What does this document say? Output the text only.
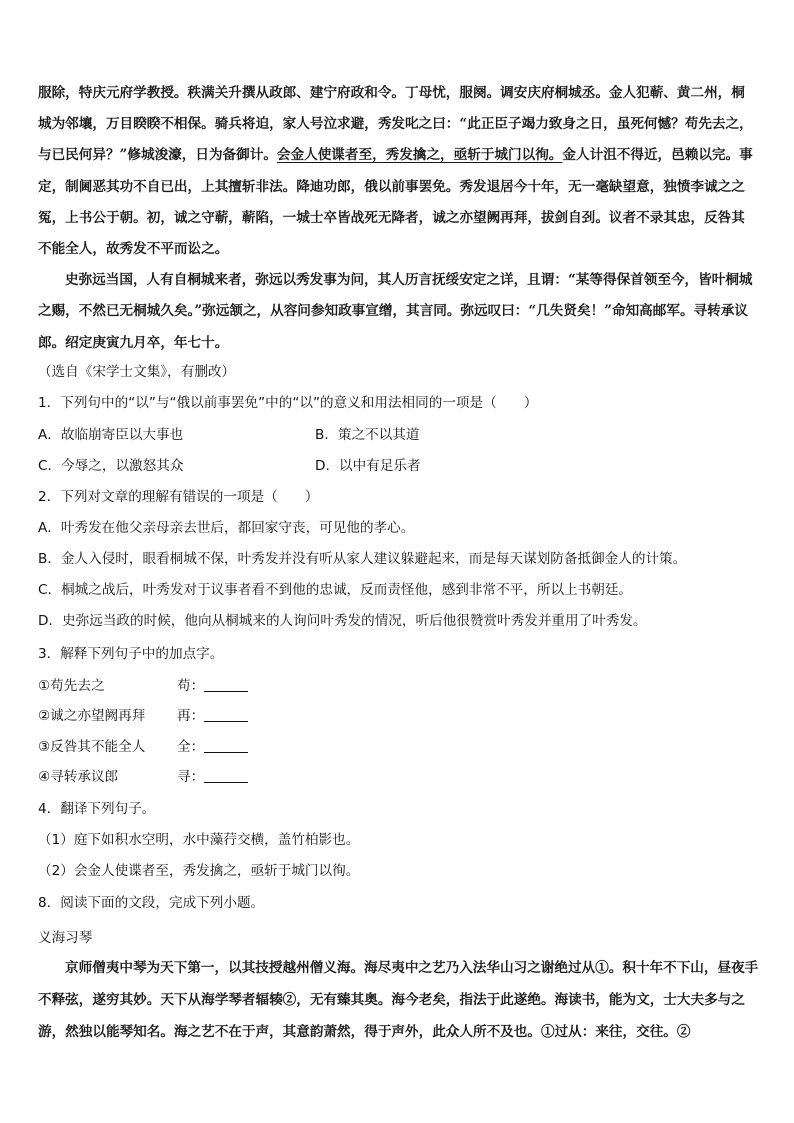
服除，特庆元府学教授。秩满关升撰从政郎、建宁府政和令。丁母忧，服阕。调安庆府桐城丞。金人犯蕲、黄二州，桐城为邻壤，万目睽睽不相保。骑兵将迫，家人号泣求避，秀发叱之曰：“此正臣子竭力致身之日，虽死何憾？苟先去之，与已民何异？”修城浚濠，日为备御计。会金人使谍者至，秀发擒之，亟斩于城门以徇。金人计沮不得近，邑赖以完。事定，制阃恶其功不自已出，上其擅斩非法。降迪功郎，俄以前事罢免。秀发退居今十年，无一毫缺望意，独愤李诚之之冤，上书公于朝。初，诚之守蕲，蕲陷，一城士卒皆战死无降者，诚之亦望阙再拜，拔剑自刭。议者不录其忠，反咎其不能全人，故秀发不平而讼之。

史弥远当国，人有自桐城来者，弥远以秀发事为问，其人历言抚绥安定之详，且谓：“某等得保首领至今，皆叶桐城之赐，不然已无桐城久矣。”弥远颔之，从容问参知政事宣缯，其言同。弥远叹曰：“几失贤矣！”命知高邮军。寻转承议郎。绍定庚寅九月卒，年七十。

（选自《宋学士文集》，有删改）
1．下列句中的“以”与“俄以前事罢免”中的“以”的意义和用法相同的一项是（　　）
A．故临崩寄臣以大事也	B．策之不以其道
C．今辱之，以激怒其众	D．以中有足乐者
2．下列对文章的理解有错误的一项是（　　）
A．叶秀发在他父亲母亲去世后，都回家守丧，可见他的孝心。
B．金人入侵时，眼看桐城不保，叶秀发并没有听从家人建议躲避起来，而是每天谋划防备抵御金人的计策。
C．桐城之战后，叶秀发对于议事者看不到他的忠诚，反而责怪他，感到非常不平，所以上书朝廷。
D．史弥远当政的时候，他向从桐城来的人询问叶秀发的情况，听后他很赞赏叶秀发并重用了叶秀发。
3．解释下列句子中的加点字。
①苟先去之	苟：
②诚之亦望阙再拜 再：
③反咎其不能全人 全：
④寻转承议郎	寻：
4．翻译下列句子。
（1）庭下如积水空明，水中藻荇交横，盖竹柏影也。
（2）会金人使谍者至，秀发擒之，亟斩于城门以徇。
8．阅读下面的文段，完成下列小题。
义海习琴

京师僧夷中琴为天下第一，以其技授越州僧义海。海尽夷中之艺乃入法华山习之谢绝过从①。积十年不下山，昼夜手不释弦，遂穷其妙。天下从海学琴者辐辏②，无有臻其奥。海今老矣，指法于此遂绝。海读书，能为文，士大夫多与之游，然独以能琴知名。海之艺不在于声，其意韵萧然，得于声外，此众人所不及也。①过从：来往，交往。②
